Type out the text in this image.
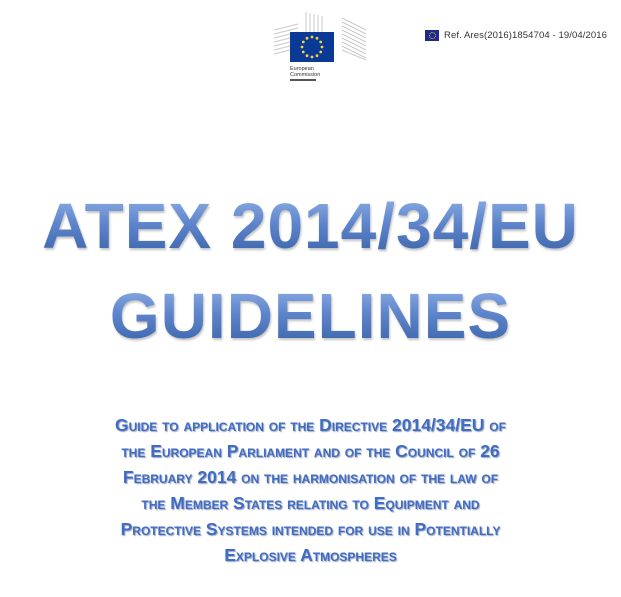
European
Commission
Ref. Ares(2016)1854704 - 19/04/2016
ATEX 2014/34/EU
GUIDELINES
Guide to application of the Directive 2014/34/EU of
the European Parliament and of the Council of 26
February 2014 on the harmonisation of the law of
the Member States relating to Equipment and
Protective Systems intended for use in Potentially
Explosive Atmospheres
